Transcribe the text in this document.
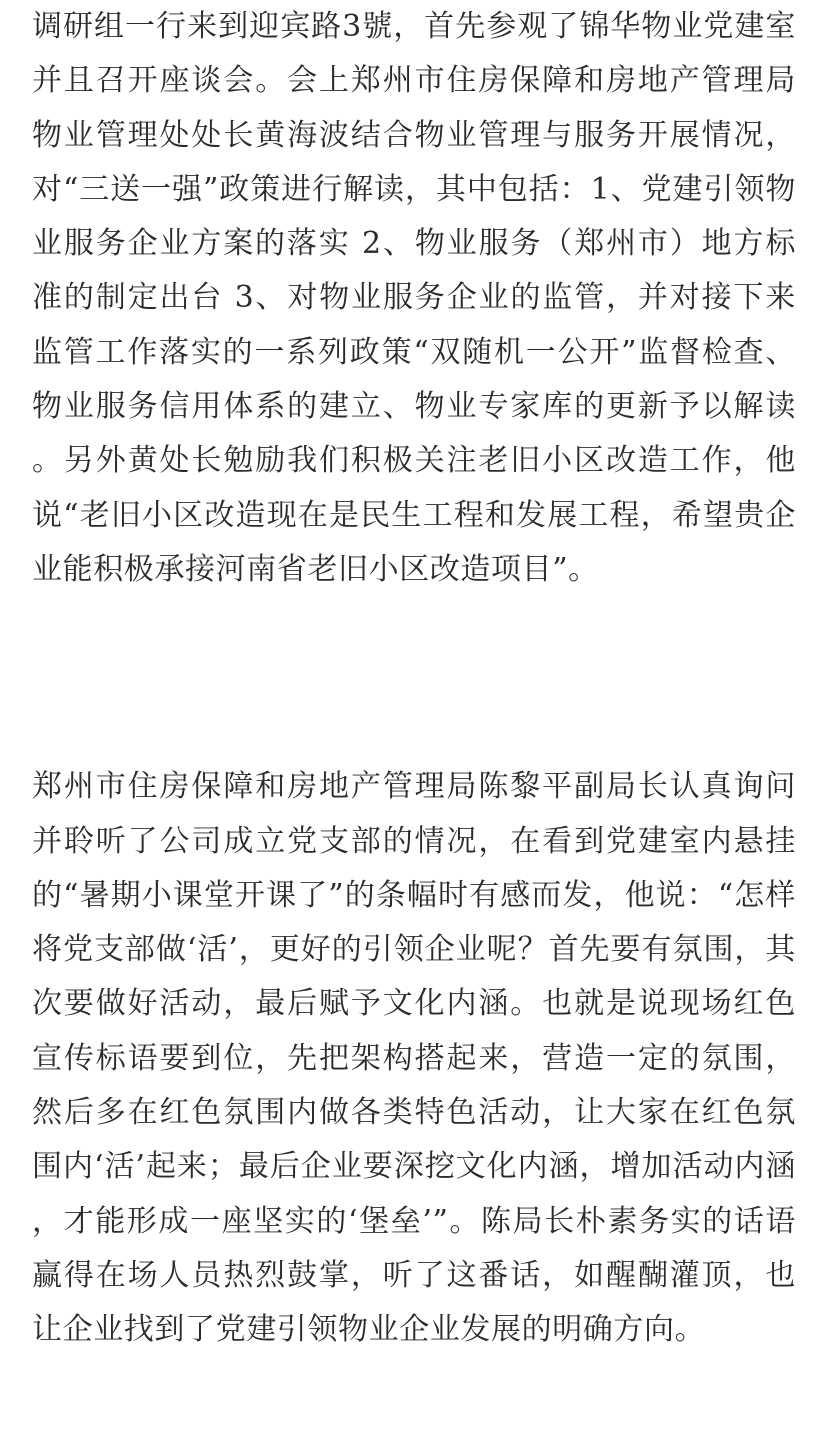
调研组一行来到迎宾路3號，首先参观了锦华物业党建室并且召开座谈会。会上郑州市住房保障和房地产管理局物业管理处处长黄海波结合物业管理与服务开展情况，对“三送一强”政策进行解读，其中包括：1、党建引领物业服务企业方案的落实 2、物业服务（郑州市）地方标准的制定出台 3、对物业服务企业的监管，并对接下来监管工作落实的一系列政策“双随机一公开”监督检查、物业服务信用体系的建立、物业专家库的更新予以解读。另外黄处长勉励我们积极关注老旧小区改造工作，他说“老旧小区改造现在是民生工程和发展工程，希望贵企业能积极承接河南省老旧小区改造项目”。

郑州市住房保障和房地产管理局陈黎平副局长认真询问并聆听了公司成立党支部的情况，在看到党建室内悬挂的“暑期小课堂开课了”的条幅时有感而发，他说：“怎样将党支部做‘活’，更好的引领企业呢？首先要有氛围，其次要做好活动，最后赋予文化内涵。也就是说现场红色宣传标语要到位，先把架构搭起来，营造一定的氛围，然后多在红色氛围内做各类特色活动，让大家在红色氛围内‘活’起来；最后企业要深挖文化内涵，增加活动内涵，才能形成一座坚实的‘堡垒’”。陈局长朴素务实的话语赢得在场人员热烈鼓掌，听了这番话，如醒醐灌顶，也让企业找到了党建引领物业企业发展的明确方向。
